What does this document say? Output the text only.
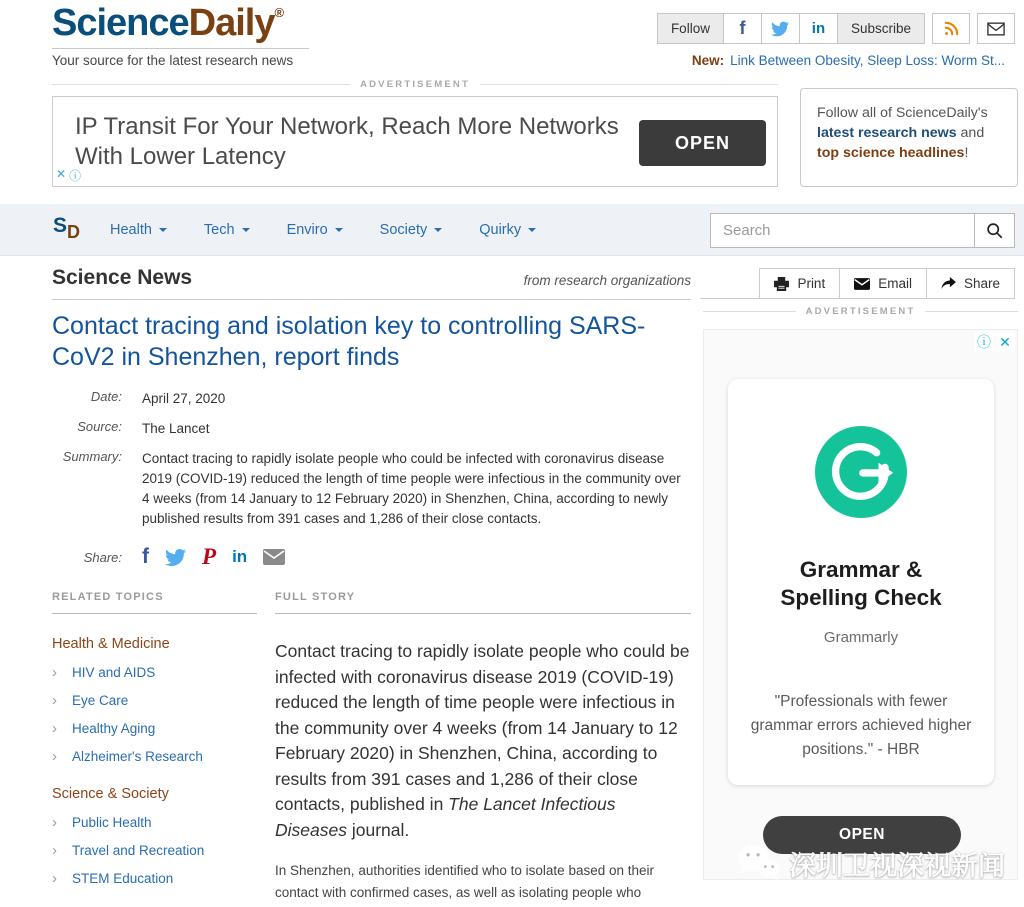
ScienceDaily®
Your source for the latest research news
Follow	f	in	Subscribe
New: Link Between Obesity, Sleep Loss: Worm St...
ADVERTISEMENT
IP Transit For Your Network, Reach More Networks With Lower Latency
OPEN
✕ ⓘ
Follow all of ScienceDaily's latest research news and top science headlines!
SD Health	Tech	Enviro	Society	Quirky
Search
Science News	from research organizations
Contact tracing and isolation key to controlling SARS-CoV2 in Shenzhen, report finds
Date: April 27, 2020
Source: The Lancet
Summary: Contact tracing to rapidly isolate people who could be infected with coronavirus disease 2019 (COVID-19) reduced the length of time people were infectious in the community over 4 weeks (from 14 January to 12 February 2020) in Shenzhen, China, according to newly published results from 391 cases and 1,286 of their close contacts.
Share: f P in
RELATED TOPICS
Health & Medicine
›	HIV and AIDS
›	Eye Care
›	Healthy Aging
›	Alzheimer's Research
Science & Society
›	Public Health
›	Travel and Recreation
›	STEM Education
FULL STORY

Contact tracing to rapidly isolate people who could be infected with coronavirus disease 2019 (COVID-19) reduced the length of time people were infectious in the community over 4 weeks (from 14 January to 12 February 2020) in Shenzhen, China, according to results from 391 cases and 1,286 of their close contacts, published in The Lancet Infectious Diseases journal.

In Shenzhen, authorities identified who to isolate based on their contact with confirmed cases, as well as isolating people who

Print	Email	Share
ADVERTISEMENT
ⓘ ✕
Grammar & Spelling Check
Grammarly
"Professionals with fewer grammar errors achieved higher positions." - HBR
OPEN
深圳卫视深视新闻
